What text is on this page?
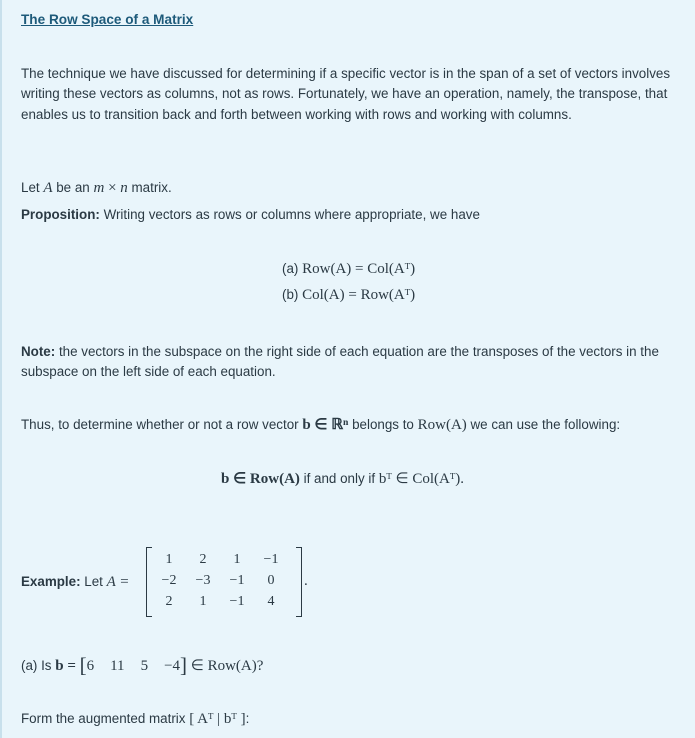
The Row Space of a Matrix
The technique we have discussed for determining if a specific vector is in the span of a set of vectors involves writing these vectors as columns, not as rows. Fortunately, we have an operation, namely, the transpose, that enables us to transition back and forth between working with rows and working with columns.
Let A be an m × n matrix.
Proposition: Writing vectors as rows or columns where appropriate, we have
(a) Row(A) = Col(Aᵀ)
(b) Col(A) = Row(Aᵀ)
Note: the vectors in the subspace on the right side of each equation are the transposes of the vectors in the subspace on the left side of each equation.
Thus, to determine whether or not a row vector b ∈ ℝⁿ belongs to Row(A) we can use the following:
b ∈ Row(A) if and only if bᵀ ∈ Col(Aᵀ).
Example: Let A =
1	2	1	−1
−2	−3	−1	0
2	1	−1	4
.
(a) Is b = [6 11 5 −4] ∈ Row(A)?
Form the augmented matrix [ Aᵀ | bᵀ ]:
